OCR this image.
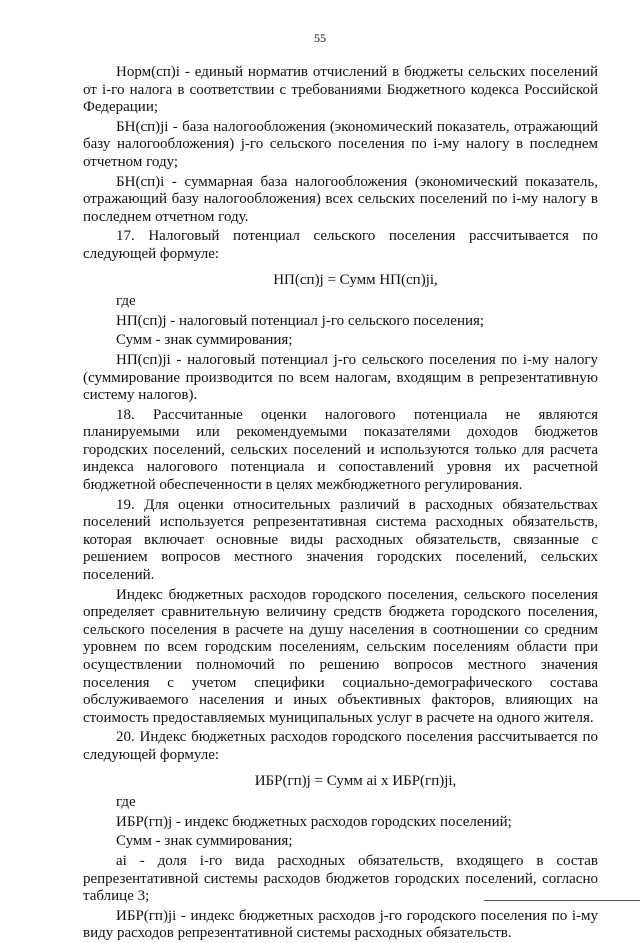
55

Норм(сп)i - единый норматив отчислений в бюджеты сельских поселений от i-го налога в соответствии с требованиями Бюджетного кодекса Российской Федерации;

БН(сп)ji - база налогообложения (экономический показатель, отражающий базу налогообложения) j-го сельского поселения по i-му налогу в последнем отчетном году;

БН(сп)i - суммарная база налогообложения (экономический показатель, отражающий базу налогообложения) всех сельских поселений по i-му налогу в последнем отчетном году.

17. Налоговый потенциал сельского поселения рассчитывается по следующей формуле:

НП(сп)j = Сумм НП(сп)ji,

где

НП(сп)j - налоговый потенциал j-го сельского поселения;

Сумм - знак суммирования;

НП(сп)ji - налоговый потенциал j-го сельского поселения по i-му налогу (суммирование производится по всем налогам, входящим в репрезентативную систему налогов).

18. Рассчитанные оценки налогового потенциала не являются планируемыми или рекомендуемыми показателями доходов бюджетов городских поселений, сельских поселений и используются только для расчета индекса налогового потенциала и сопоставлений уровня их расчетной бюджетной обеспеченности в целях межбюджетного регулирования.

19. Для оценки относительных различий в расходных обязательствах поселений используется репрезентативная система расходных обязательств, которая включает основные виды расходных обязательств, связанные с решением вопросов местного значения городских поселений, сельских поселений.

Индекс бюджетных расходов городского поселения, сельского поселения определяет сравнительную величину средств бюджета городского поселения, сельского поселения в расчете на душу населения в соотношении со средним уровнем по всем городским поселениям, сельским поселениям области при осуществлении полномочий по решению вопросов местного значения поселения с учетом специфики социально-демографического состава обслуживаемого населения и иных объективных факторов, влияющих на стоимость предоставляемых муниципальных услуг в расчете на одного жителя.

20. Индекс бюджетных расходов городского поселения рассчитывается по следующей формуле:

ИБР(гп)j = Сумм ai x ИБР(гп)ji,

где

ИБР(гп)j - индекс бюджетных расходов городских поселений;

Сумм - знак суммирования;

ai - доля i-го вида расходных обязательств, входящего в состав репрезентативной системы расходов бюджетов городских поселений, согласно таблице 3;

ИБР(гп)ji - индекс бюджетных расходов j-го городского поселения по i-му виду расходов репрезентативной системы расходных обязательств.
